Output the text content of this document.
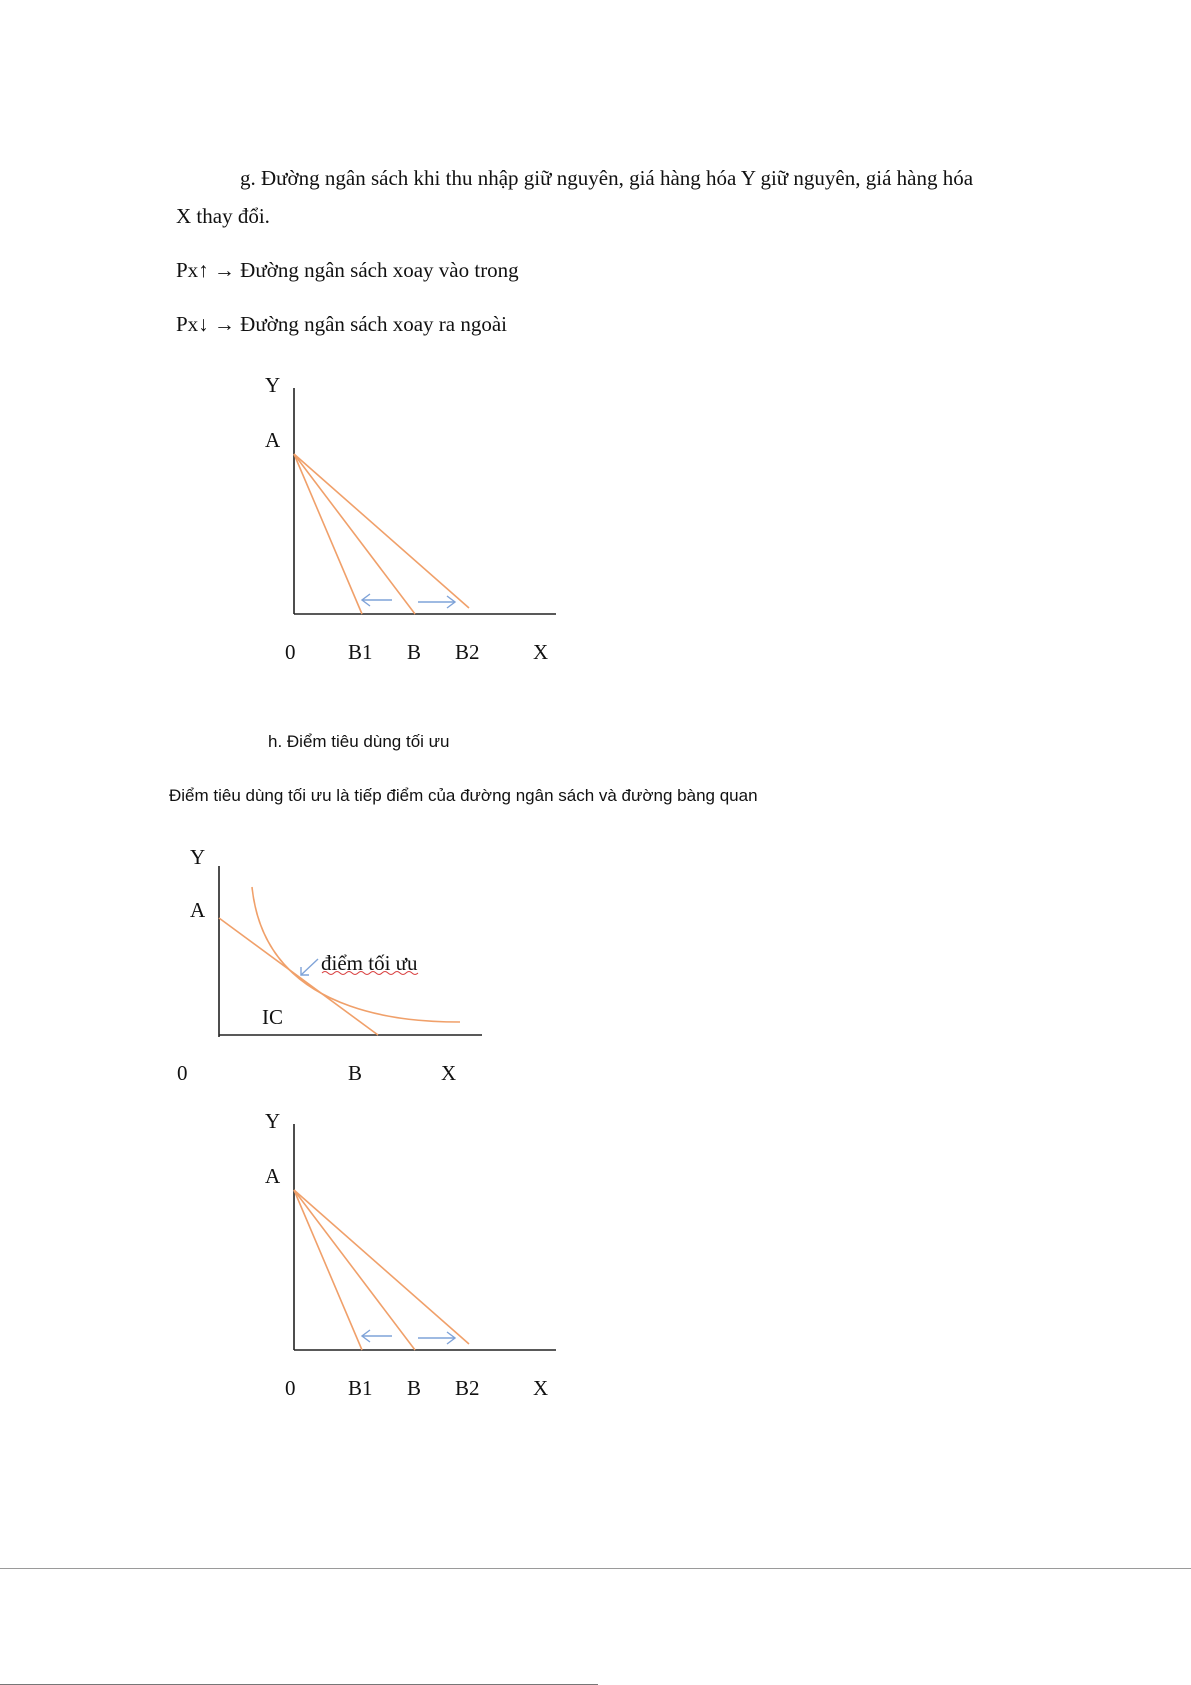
g. Đường ngân sách khi thu nhập giữ nguyên, giá hàng hóa Y giữ nguyên, giá hàng hóa
X thay đổi.
Px↑ → Đường ngân sách xoay vào trong
Px↓ → Đường ngân sách xoay ra ngoài
Y
A
0	B1 B B2	X
h. Điểm tiêu dùng tối ưu
Điểm tiêu dùng tối ưu là tiếp điểm của đường ngân sách và đường bàng quan
Y
A
điểm tối ưu
IC
0	B	X
Y
A
0	B1 B B2	X
